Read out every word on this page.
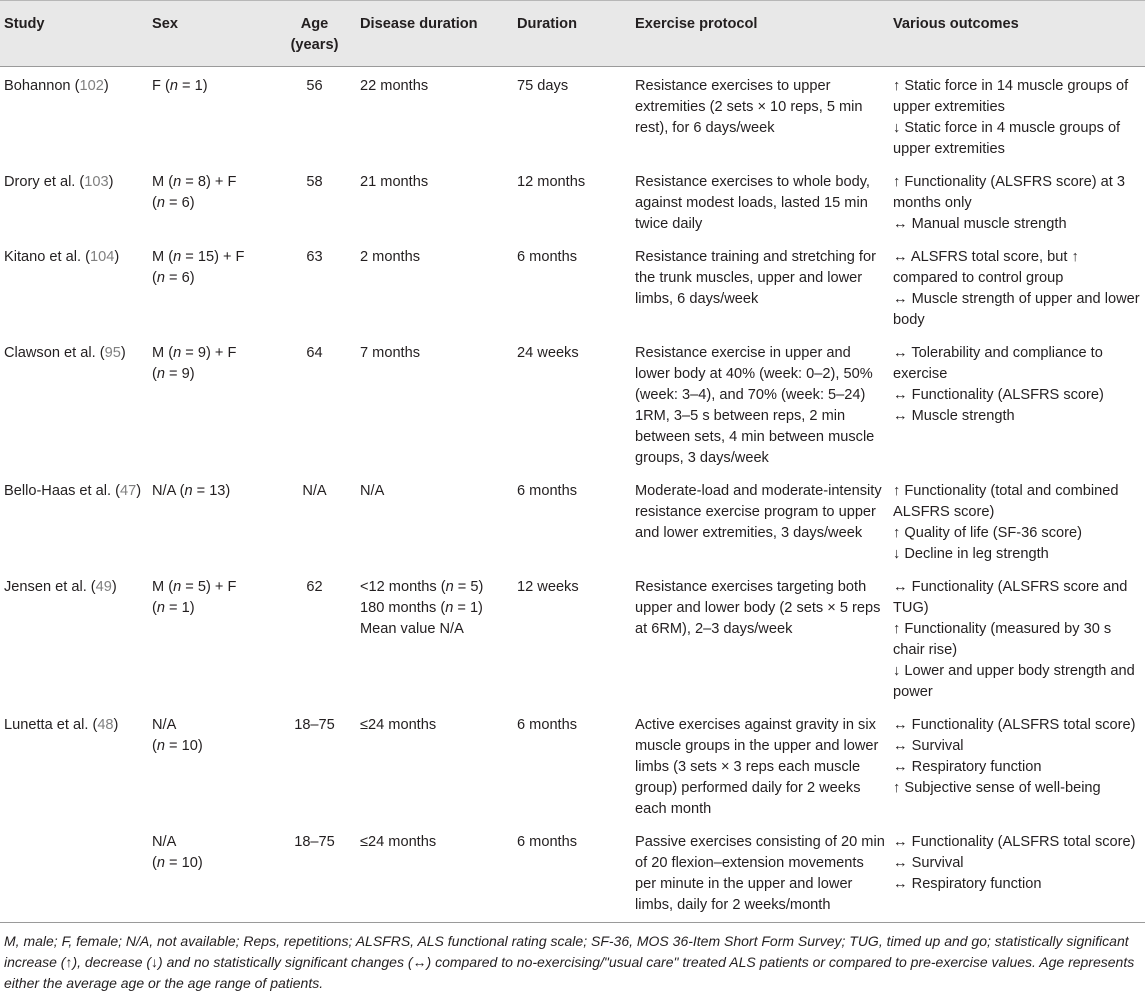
Study	Sex	Age (years)	Disease duration	Duration	Exercise protocol	Various outcomes
Bohannon (102)	F (n = 1)	56	22 months	75 days	Resistance exercises to upper extremities (2 sets × 10 reps, 5 min rest), for 6 days/week	↑ Static force in 14 muscle groups of upper extremities
↓ Static force in 4 muscle groups of upper extremities

Drory et al. (103)	M (n = 8) + F
(n = 6)	58	21 months	12 months	Resistance exercises to whole body, against modest loads, lasted 15 min twice daily	↑ Functionality (ALSFRS score) at 3 months only
↔ Manual muscle strength

Kitano et al. (104)	M (n = 15) + F
(n = 6)	63	2 months	6 months	Resistance training and stretching for the trunk muscles, upper and lower limbs, 6 days/week	↔ ALSFRS total score, but ↑ compared to control group
↔ Muscle strength of upper and lower body

Clawson et al. (95)	M (n = 9) + F
(n = 9)	64	7 months	24 weeks	Resistance exercise in upper and lower body at 40% (week: 0–2), 50% (week: 3–4), and 70% (week: 5–24) 1RM, 3–5 s between reps, 2 min between sets, 4 min between muscle groups, 3 days/week	↔ Tolerability and compliance to exercise
↔ Functionality (ALSFRS score)
↔ Muscle strength

Bello-Haas et al. (47)	N/A (n = 13)	N/A	N/A	6 months	Moderate-load and moderate-intensity resistance exercise program to upper and lower extremities, 3 days/week	↑ Functionality (total and combined ALSFRS score)
↑ Quality of life (SF-36 score)
↓ Decline in leg strength

Jensen et al. (49)	M (n = 5) + F
(n = 1)	62	<12 months (n = 5)
180 months (n = 1)
Mean value N/A	12 weeks	Resistance exercises targeting both upper and lower body (2 sets × 5 reps at 6RM), 2–3 days/week	↔ Functionality (ALSFRS score and TUG)
↑ Functionality (measured by 30 s chair rise)
↓ Lower and upper body strength and power

Lunetta et al. (48)	N/A
(n = 10)	18–75	≤24 months	6 months	Active exercises against gravity in six muscle groups in the upper and lower limbs (3 sets × 3 reps each muscle group) performed daily for 2 weeks each month	↔ Functionality (ALSFRS total score)
↔ Survival
↔ Respiratory function
↑ Subjective sense of well-being

	N/A
(n = 10)	18–75	≤24 months	6 months	Passive exercises consisting of 20 min of 20 flexion–extension movements per minute in the upper and lower limbs, daily for 2 weeks/month	↔ Functionality (ALSFRS total score)
↔ Survival
↔ Respiratory function
M, male; F, female; N/A, not available; Reps, repetitions; ALSFRS, ALS functional rating scale; SF-36, MOS 36-Item Short Form Survey; TUG, timed up and go; statistically significant increase (↑), decrease (↓) and no statistically significant changes (↔) compared to no-exercising/"usual care" treated ALS patients or compared to pre-exercise values. Age represents either the average age or the age range of patients.
